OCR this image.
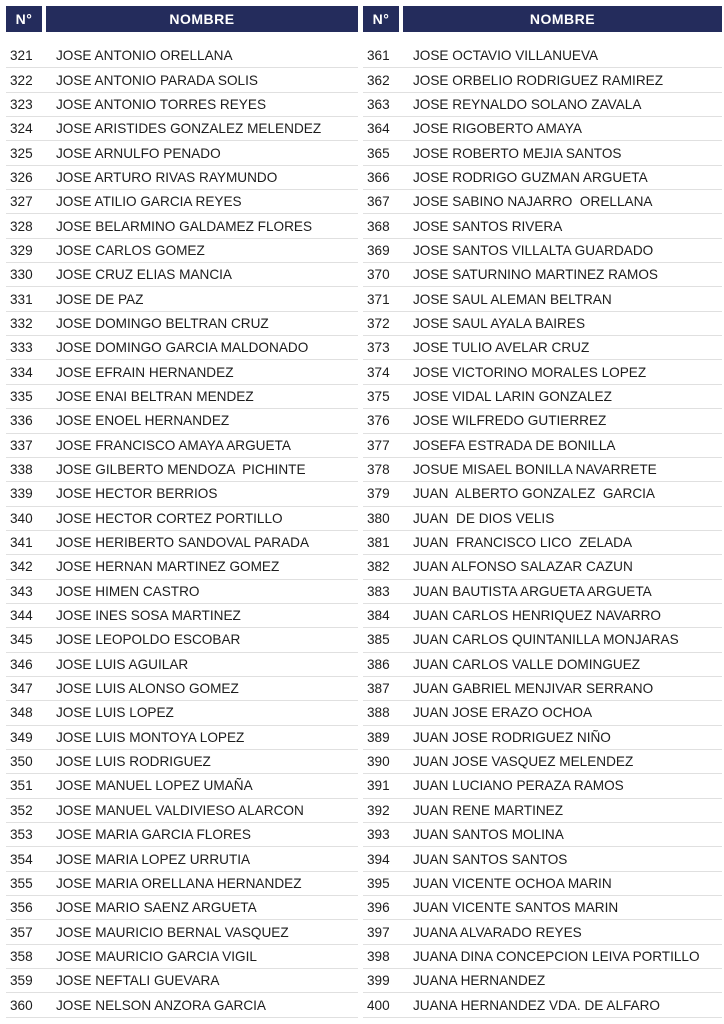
N°	NOMBRE
321	JOSE ANTONIO ORELLANA
322	JOSE ANTONIO PARADA SOLIS
323	JOSE ANTONIO TORRES REYES
324	JOSE ARISTIDES GONZALEZ MELENDEZ
325	JOSE ARNULFO PENADO
326	JOSE ARTURO RIVAS RAYMUNDO
327	JOSE ATILIO GARCIA REYES
328	JOSE BELARMINO GALDAMEZ FLORES
329	JOSE CARLOS GOMEZ
330	JOSE CRUZ ELIAS MANCIA
331	JOSE DE PAZ
332	JOSE DOMINGO BELTRAN CRUZ
333	JOSE DOMINGO GARCIA MALDONADO
334	JOSE EFRAIN HERNANDEZ
335	JOSE ENAI BELTRAN MENDEZ
336	JOSE ENOEL HERNANDEZ
337	JOSE FRANCISCO AMAYA ARGUETA
338	JOSE GILBERTO MENDOZA  PICHINTE
339	JOSE HECTOR BERRIOS
340	JOSE HECTOR CORTEZ PORTILLO
341	JOSE HERIBERTO SANDOVAL PARADA
342	JOSE HERNAN MARTINEZ GOMEZ
343	JOSE HIMEN CASTRO
344	JOSE INES SOSA MARTINEZ
345	JOSE LEOPOLDO ESCOBAR
346	JOSE LUIS AGUILAR
347	JOSE LUIS ALONSO GOMEZ
348	JOSE LUIS LOPEZ
349	JOSE LUIS MONTOYA LOPEZ
350	JOSE LUIS RODRIGUEZ
351	JOSE MANUEL LOPEZ UMAÑA
352	JOSE MANUEL VALDIVIESO ALARCON
353	JOSE MARIA GARCIA FLORES
354	JOSE MARIA LOPEZ URRUTIA
355	JOSE MARIA ORELLANA HERNANDEZ
356	JOSE MARIO SAENZ ARGUETA
357	JOSE MAURICIO BERNAL VASQUEZ
358	JOSE MAURICIO GARCIA VIGIL
359	JOSE NEFTALI GUEVARA
360	JOSE NELSON ANZORA GARCIA
N°	NOMBRE
361	JOSE OCTAVIO VILLANUEVA
362	JOSE ORBELIO RODRIGUEZ RAMIREZ
363	JOSE REYNALDO SOLANO ZAVALA
364	JOSE RIGOBERTO AMAYA
365	JOSE ROBERTO MEJIA SANTOS
366	JOSE RODRIGO GUZMAN ARGUETA
367	JOSE SABINO NAJARRO  ORELLANA
368	JOSE SANTOS RIVERA
369	JOSE SANTOS VILLALTA GUARDADO
370	JOSE SATURNINO MARTINEZ RAMOS
371	JOSE SAUL ALEMAN BELTRAN
372	JOSE SAUL AYALA BAIRES
373	JOSE TULIO AVELAR CRUZ
374	JOSE VICTORINO MORALES LOPEZ
375	JOSE VIDAL LARIN GONZALEZ
376	JOSE WILFREDO GUTIERREZ
377	JOSEFA ESTRADA DE BONILLA
378	JOSUE MISAEL BONILLA NAVARRETE
379	JUAN  ALBERTO GONZALEZ  GARCIA
380	JUAN  DE DIOS VELIS
381	JUAN  FRANCISCO LICO  ZELADA
382	JUAN ALFONSO SALAZAR CAZUN
383	JUAN BAUTISTA ARGUETA ARGUETA
384	JUAN CARLOS HENRIQUEZ NAVARRO
385	JUAN CARLOS QUINTANILLA MONJARAS
386	JUAN CARLOS VALLE DOMINGUEZ
387	JUAN GABRIEL MENJIVAR SERRANO
388	JUAN JOSE ERAZO OCHOA
389	JUAN JOSE RODRIGUEZ NIÑO
390	JUAN JOSE VASQUEZ MELENDEZ
391	JUAN LUCIANO PERAZA RAMOS
392	JUAN RENE MARTINEZ
393	JUAN SANTOS MOLINA
394	JUAN SANTOS SANTOS
395	JUAN VICENTE OCHOA MARIN
396	JUAN VICENTE SANTOS MARIN
397	JUANA ALVARADO REYES
398	JUANA DINA CONCEPCION LEIVA PORTILLO
399	JUANA HERNANDEZ
400	JUANA HERNANDEZ VDA. DE ALFARO
